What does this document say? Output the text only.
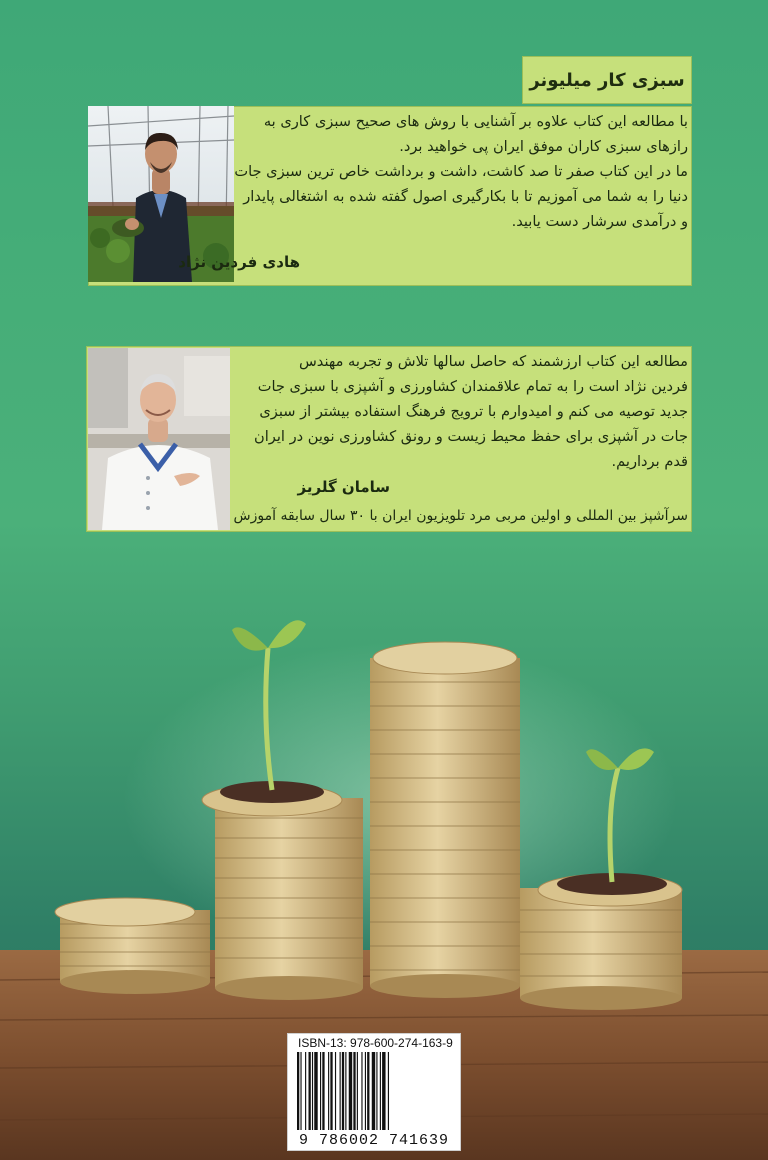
سبزی کار میلیونر
با مطالعه این کتاب علاوه بر آشنایی با روش های صحیح سبزی کاری به
رازهای سبزی کاران موفق ایران پی خواهید برد.
ما در این کتاب صفر تا صد کاشت، داشت و برداشت خاص ترین سبزی جات
دنیا را به شما می آموزیم تا با بکارگیری اصول گفته شده به اشتغالی پایدار
و درآمدی سرشار دست یابید.
هادی فردین نژاد
مطالعه این کتاب ارزشمند که حاصل سالها تلاش و تجربه مهندس
فردین نژاد است را به تمام علاقمندان کشاورزی و آشپزی با سبزی جات
جدید توصیه می کنم و امیدوارم با ترویج فرهنگ استفاده بیشتر از سبزی
جات در آشپزی برای حفظ محیط زیست و رونق کشاورزی نوین در ایران
قدم برداریم.
سامان گلریز
سرآشپز بین المللی و اولین مربی مرد تلویزیون ایران با ۳۰ سال سابقه آموزش
ISBN-13: 978-600-274-163-9
9 786002 741639
